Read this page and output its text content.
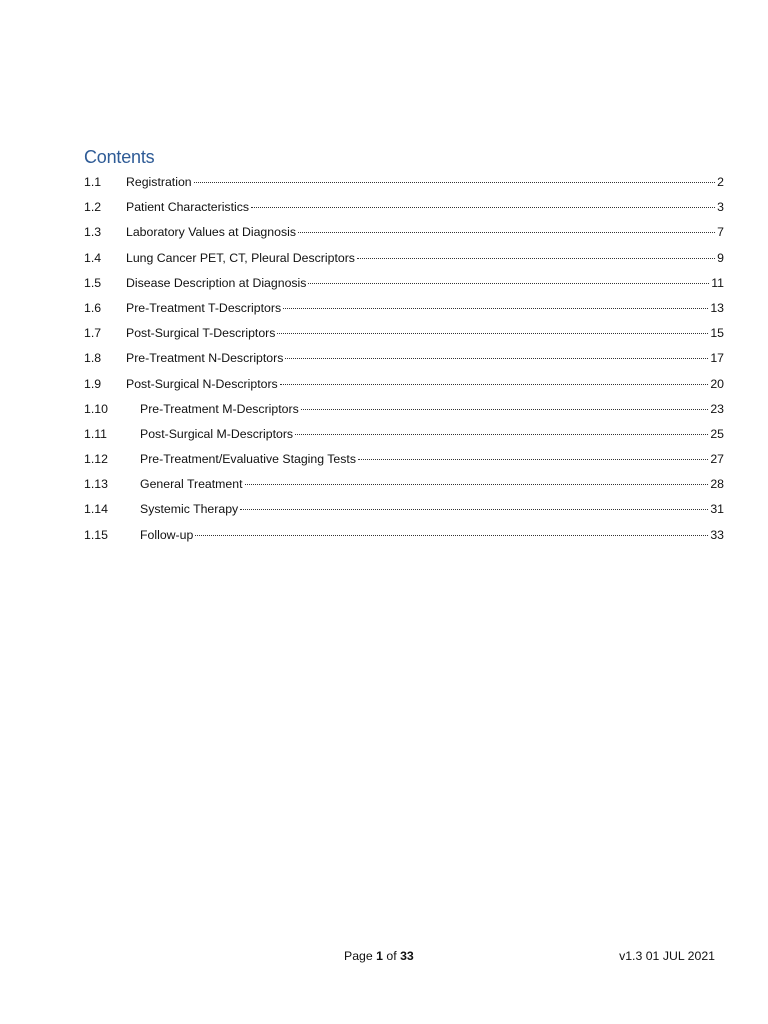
Contents
1.1	Registration	2
1.2	Patient Characteristics	3
1.3	Laboratory Values at Diagnosis	7
1.4	Lung Cancer PET, CT, Pleural Descriptors	9
1.5	Disease Description at Diagnosis	11
1.6	Pre-Treatment T-Descriptors	13
1.7	Post-Surgical T-Descriptors	15
1.8	Pre-Treatment N-Descriptors	17
1.9	Post-Surgical N-Descriptors	20
1.10	Pre-Treatment M-Descriptors	23
1.11	Post-Surgical M-Descriptors	25
1.12	Pre-Treatment/Evaluative Staging Tests	27
1.13	General Treatment	28
1.14	Systemic Therapy	31
1.15	Follow-up	33
Page 1 of 33	v1.3 01 JUL 2021
